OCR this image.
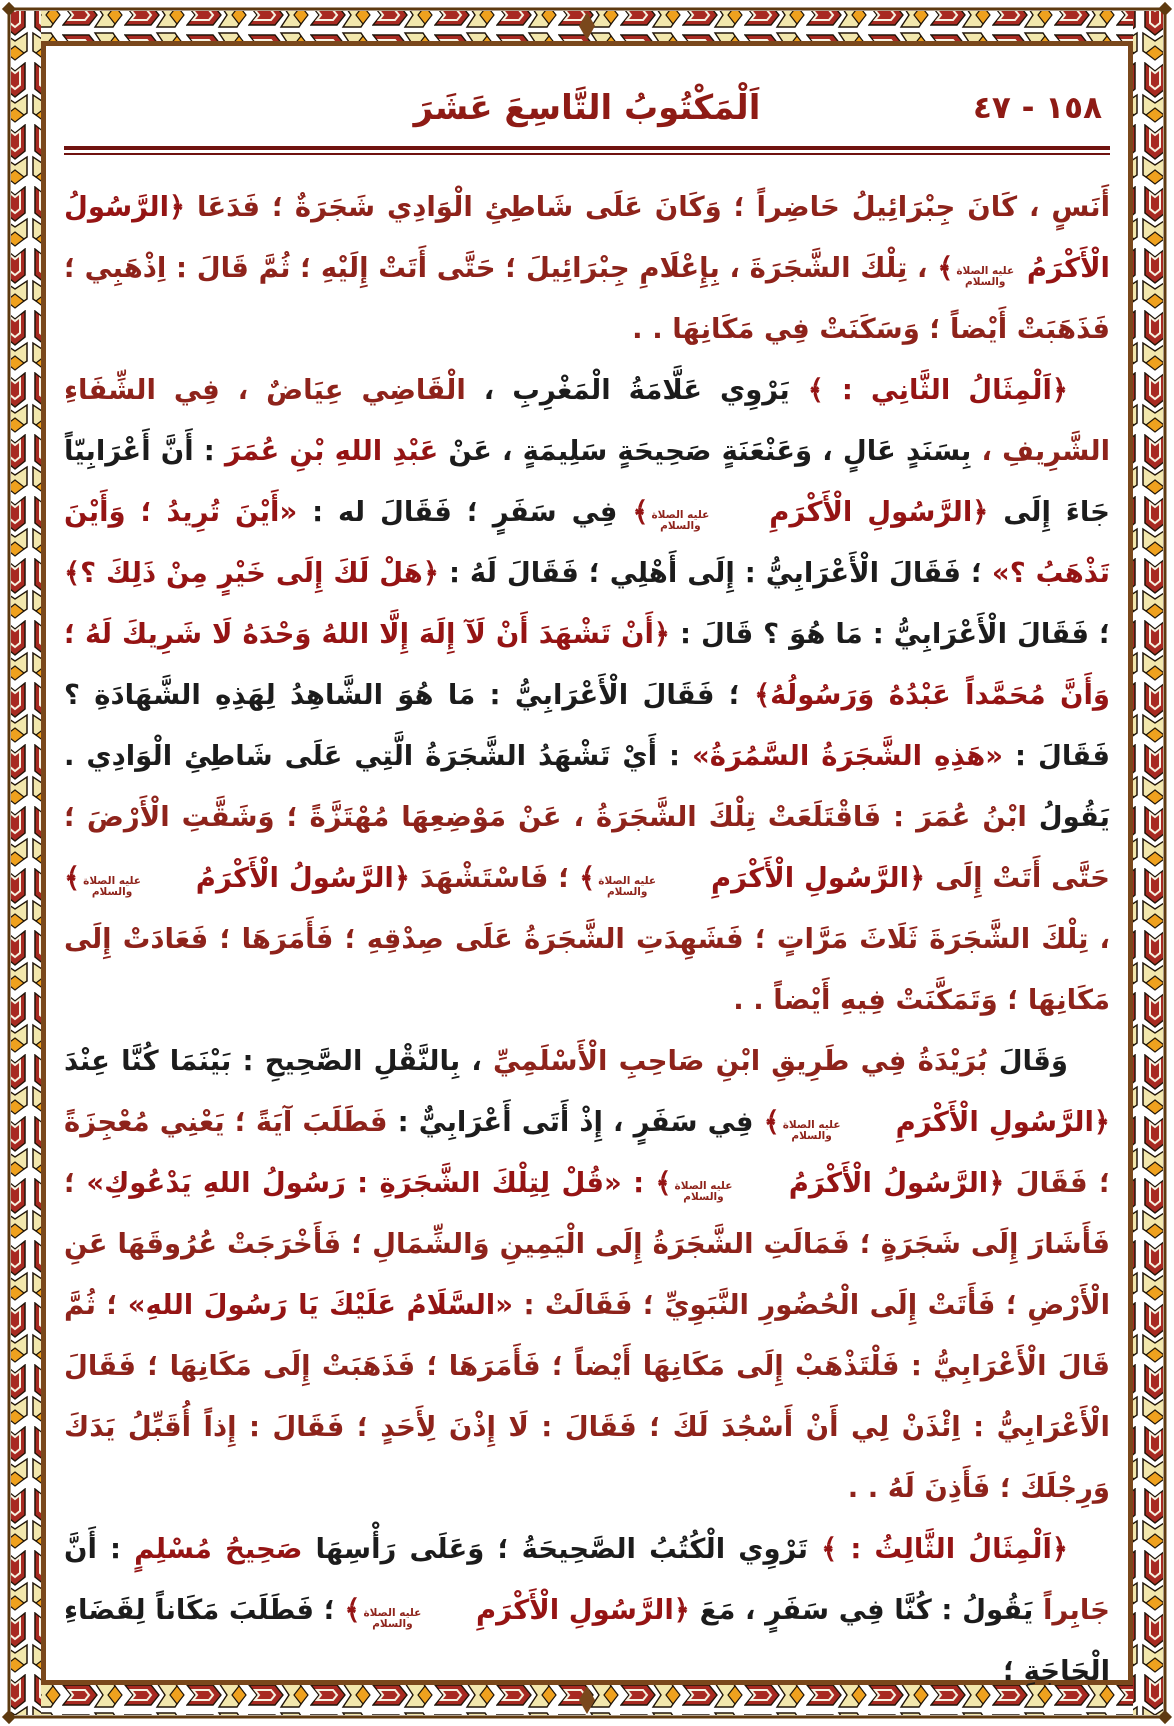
اَلْمَكْتُوبُ التَّاسِعَ عَشَرَ	١٥٨ - ٤٧

أَنَسٍ ، كَانَ جِبْرَائِيلُ حَاضِراً ؛ وَكَانَ عَلَى شَاطِئِ الْوَادِي شَجَرَةٌ ؛ فَدَعَا ﴿الرَّسُولُ الْأَكْرَمُ
عليه الصلاة
والسلام
﴾ ، تِلْكَ الشَّجَرَةَ ، بِإِعْلَامِ جِبْرَائِيلَ ؛ حَتَّى أَتَتْ إِلَيْهِ ؛ ثُمَّ قَالَ : اِذْهَبِي ؛ فَذَهَبَتْ أَيْضاً ؛ وَسَكَنَتْ فِي مَكَانِهَا . .

﴿اَلْمِثَالُ الثَّانِي : ﴾ يَرْوِي عَلَّامَةُ الْمَغْرِبِ ، الْقَاضِي عِيَاضٌ ، فِي الشِّفَاءِ الشَّرِيفِ ، بِسَنَدٍ عَالٍ ، وَعَنْعَنَةٍ صَحِيحَةٍ سَلِيمَةٍ ، عَنْ عَبْدِ اللهِ بْنِ عُمَرَ : أَنَّ أَعْرَابِيّاً جَاءَ إِلَى ﴿الرَّسُولِ الْأَكْرَمِ
عليه الصلاة
والسلام
﴾ فِي سَفَرٍ ؛ فَقَالَ له : «أَيْنَ تُرِيدُ ؛ وَأَيْنَ تَذْهَبُ ؟» ؛ فَقَالَ الْأَعْرَابِيُّ : إِلَى أَهْلِي ؛ فَقَالَ لَهُ : ﴿هَلْ لَكَ إِلَى خَيْرٍ مِنْ ذَلِكَ ؟﴾ ؛ فَقَالَ الْأَعْرَابِيُّ : مَا هُوَ ؟ قَالَ : ﴿أَنْ تَشْهَدَ أَنْ لَآ إِلَهَ إِلَّا اللهُ وَحْدَهُ لَا شَرِيكَ لَهُ ؛ وَأَنَّ مُحَمَّداً عَبْدُهُ وَرَسُولُهُ﴾ ؛ فَقَالَ الْأَعْرَابِيُّ : مَا هُوَ الشَّاهِدُ لِهَذِهِ الشَّهَادَةِ ؟ فَقَالَ : «هَذِهِ الشَّجَرَةُ السَّمُرَةُ» : أَيْ تَشْهَدُ الشَّجَرَةُ الَّتِي عَلَى شَاطِئِ الْوَادِي . يَقُولُ ابْنُ عُمَرَ : فَاقْتَلَعَتْ تِلْكَ الشَّجَرَةُ ، عَنْ مَوْضِعِهَا مُهْتَزَّةً ؛ وَشَقَّتِ الْأَرْضَ ؛ حَتَّى أَتَتْ إِلَى ﴿الرَّسُولِ الْأَكْرَمِ
عليه الصلاة
والسلام
﴾ ؛ فَاسْتَشْهَدَ ﴿الرَّسُولُ الْأَكْرَمُ
عليه الصلاة
والسلام
﴾ ، تِلْكَ الشَّجَرَةَ ثَلَاثَ مَرَّاتٍ ؛ فَشَهِدَتِ الشَّجَرَةُ عَلَى صِدْقِهِ ؛ فَأَمَرَهَا ؛ فَعَادَتْ إِلَى مَكَانِهَا ؛ وَتَمَكَّنَتْ فِيهِ أَيْضاً . .

وَقَالَ بُرَيْدَةُ فِي طَرِيقِ ابْنِ صَاحِبِ الْأَسْلَمِيِّ ، بِالنَّقْلِ الصَّحِيحِ : بَيْنَمَا كُنَّا عِنْدَ ﴿الرَّسُولِ الْأَكْرَمِ
عليه الصلاة
والسلام
﴾ فِي سَفَرٍ ، إِذْ أَتَى أَعْرَابِيٌّ : فَطَلَبَ آيَةً ؛ يَعْنِي مُعْجِزَةً ؛ فَقَالَ ﴿الرَّسُولُ الْأَكْرَمُ
عليه الصلاة
والسلام
﴾ : «قُلْ لِتِلْكَ الشَّجَرَةِ : رَسُولُ اللهِ يَدْعُوكِ» ؛ فَأَشَارَ إِلَى شَجَرَةٍ ؛ فَمَالَتِ الشَّجَرَةُ إِلَى الْيَمِينِ وَالشِّمَالِ ؛ فَأَخْرَجَتْ عُرُوقَهَا عَنِ الْأَرْضِ ؛ فَأَتَتْ إِلَى الْحُضُورِ النَّبَوِيِّ ؛ فَقَالَتْ : «السَّلَامُ عَلَيْكَ يَا رَسُولَ اللهِ» ؛ ثُمَّ قَالَ الْأَعْرَابِيُّ : فَلْتَذْهَبْ إِلَى مَكَانِهَا أَيْضاً ؛ فَأَمَرَهَا ؛ فَذَهَبَتْ إِلَى مَكَانِهَا ؛ فَقَالَ الْأَعْرَابِيُّ : اِئْذَنْ لِي أَنْ أَسْجُدَ لَكَ ؛ فَقَالَ : لَا إِذْنَ لِأَحَدٍ ؛ فَقَالَ : إِذاً أُقَبِّلُ يَدَكَ وَرِجْلَكَ ؛ فَأَذِنَ لَهُ . .

﴿اَلْمِثَالُ الثَّالِثُ : ﴾ تَرْوِي الْكُتُبُ الصَّحِيحَةُ ؛ وَعَلَى رَأْسِهَا صَحِيحُ مُسْلِمٍ : أَنَّ جَابِراً يَقُولُ : كُنَّا فِي سَفَرٍ ، مَعَ ﴿الرَّسُولِ الْأَكْرَمِ
عليه الصلاة
والسلام
﴾ ؛ فَطَلَبَ مَكَاناً لِقَضَاءِ الْحَاجَةِ ؛
